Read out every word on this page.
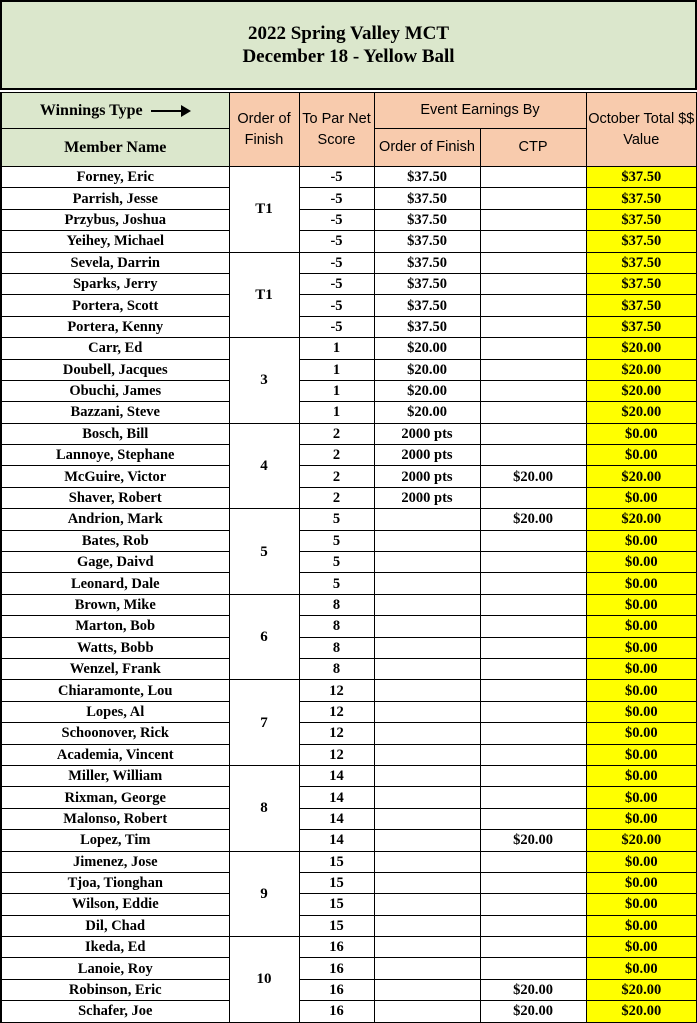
2022 Spring Valley MCT
December 18 - Yellow Ball
Winnings Type	Order of Finish	To Par Net Score	Event Earnings By		October Total $$ Value
Member Name			Order of Finish	CTP	

Forney, Eric	T1	-5	$37.50		$37.50
Parrish, Jesse		-5	$37.50		$37.50
Przybus, Joshua		-5	$37.50		$37.50
Yeihey, Michael		-5	$37.50		$37.50
Sevela, Darrin	T1	-5	$37.50		$37.50
Sparks, Jerry		-5	$37.50		$37.50
Portera, Scott		-5	$37.50		$37.50
Portera, Kenny		-5	$37.50		$37.50
Carr, Ed	3	1	$20.00		$20.00
Doubell, Jacques		1	$20.00		$20.00
Obuchi, James		1	$20.00		$20.00
Bazzani, Steve		1	$20.00		$20.00
Bosch, Bill	4	2	2000 pts		$0.00
Lannoye, Stephane		2	2000 pts		$0.00
McGuire, Victor		2	2000 pts	$20.00	$20.00
Shaver, Robert		2	2000 pts		$0.00
Andrion, Mark	5	5		$20.00	$20.00
Bates, Rob		5			$0.00
Gage, Daivd		5			$0.00
Leonard, Dale		5			$0.00
Brown, Mike	6	8			$0.00
Marton, Bob		8			$0.00
Watts, Bobb		8			$0.00
Wenzel, Frank		8			$0.00
Chiaramonte, Lou	7	12			$0.00
Lopes, Al		12			$0.00
Schoonover, Rick		12			$0.00
Academia, Vincent		12			$0.00
Miller, William	8	14			$0.00
Rixman, George		14			$0.00
Malonso, Robert		14			$0.00
Lopez, Tim		14		$20.00	$20.00
Jimenez, Jose	9	15			$0.00
Tjoa, Tionghan		15			$0.00
Wilson, Eddie		15			$0.00
Dil, Chad		15			$0.00
Ikeda, Ed	10	16			$0.00
Lanoie, Roy		16			$0.00
Robinson, Eric		16		$20.00	$20.00
Schafer, Joe		16		$20.00	$20.00
